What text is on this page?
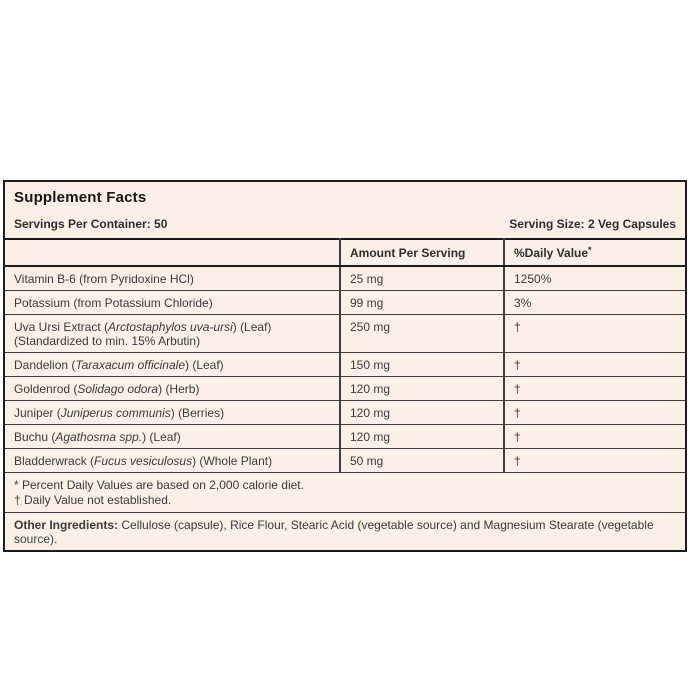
Supplement Facts
Servings Per Container: 50	Serving Size: 2 Veg Capsules
	Amount Per Serving	%Daily Value*
Vitamin B-6 (from Pyridoxine HCl)	25 mg	1250%
Potassium (from Potassium Chloride)	99 mg	3%
Uva Ursi Extract (Arctostaphylos uva-ursi) (Leaf) (Standardized to min. 15% Arbutin)	250 mg	†
Dandelion (Taraxacum officinale) (Leaf)	150 mg	†
Goldenrod (Solidago odora) (Herb)	120 mg	†
Juniper (Juniperus communis) (Berries)	120 mg	†
Buchu (Agathosma spp.) (Leaf)	120 mg	†
Bladderwrack (Fucus vesiculosus) (Whole Plant)	50 mg	†

* Percent Daily Values are based on 2,000 calorie diet.
† Daily Value not established.		

Other Ingredients: Cellulose (capsule), Rice Flour, Stearic Acid (vegetable source) and Magnesium Stearate (vegetable source).		
